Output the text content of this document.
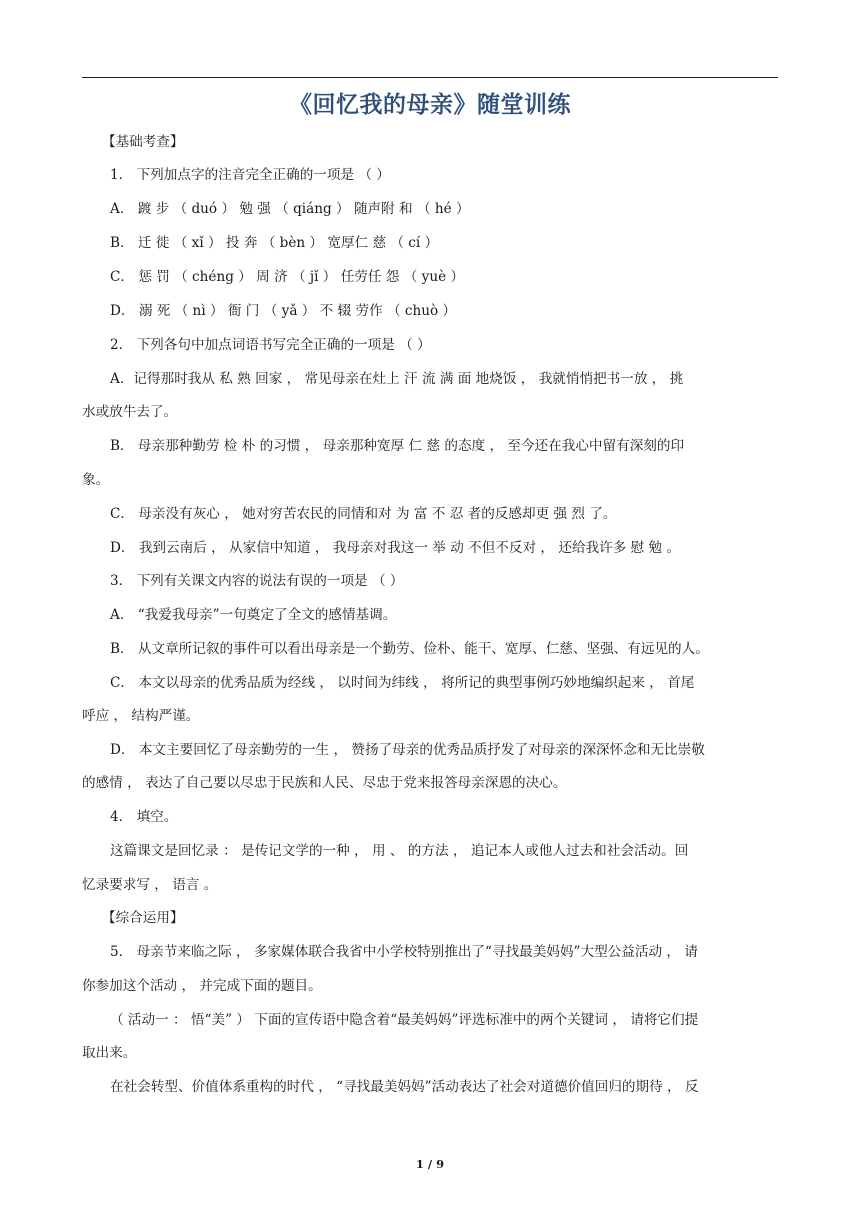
《回忆我的母亲》随堂训练
【基础考查】
1． 下列加点字的注音完全正确的一项是 （ ）
A． 踱 步 （ duó ） 勉 强 （ qiáng ） 随声附 和 （ hé ）
B． 迁 徙 （ xǐ ） 投 奔 （ bèn ） 宽厚仁 慈 （ cí ）
C． 惩 罚 （ chéng ） 周 济 （ jǐ ） 任劳任 怨 （ yuè ）
D． 溺 死 （ nì ） 衙 门 （ yǎ ） 不 辍 劳作 （ chuò ）
2． 下列各句中加点词语书写完全正确的一项是 （ ）
A．记得那时我从 私 熟 回家 ， 常见母亲在灶上 汗 流 满 面 地烧饭 ， 我就悄悄把书一放 ， 挑
水或放牛去了。
B． 母亲那种勤劳 检 朴 的习惯 ， 母亲那种宽厚 仁 慈 的态度 ， 至今还在我心中留有深刻的印
象。
C． 母亲没有灰心 ， 她对穷苦农民的同情和对 为 富 不 忍 者的反感却更 强 烈 了。
D． 我到云南后 ， 从家信中知道 ， 我母亲对我这一 举 动 不但不反对 ， 还给我许多 慰 勉 。
3． 下列有关课文内容的说法有误的一项是 （ ）
A． “我爱我母亲”一句奠定了全文的感情基调。
B． 从文章所记叙的事件可以看出母亲是一个勤劳、俭朴、能干、宽厚、仁慈、坚强、有远见的人。
C． 本文以母亲的优秀品质为经线 ， 以时间为纬线 ， 将所记的典型事例巧妙地编织起来 ， 首尾
呼应 ， 结构严谨。
D． 本文主要回忆了母亲勤劳的一生 ， 赞扬了母亲的优秀品质抒发了对母亲的深深怀念和无比崇敬
的感情 ， 表达了自己要以尽忠于民族和人民、尽忠于党来报答母亲深恩的决心。
4． 填空。
这篇课文是回忆录 ： 是传记文学的一种 ， 用 、 的方法 ， 追记本人或他人过去和社会活动。回
忆录要求写 ， 语言 。
【综合运用】
5． 母亲节来临之际 ， 多家媒体联合我省中小学校特别推出了“寻找最美妈妈”大型公益活动 ， 请
你参加这个活动 ， 并完成下面的题目。
（ 活动一 ： 悟“美” ） 下面的宣传语中隐含着“最美妈妈”评选标准中的两个关键词 ， 请将它们提
取出来。
在社会转型、价值体系重构的时代 ， “寻找最美妈妈”活动表达了社会对道德价值回归的期待 ， 反
1 / 9
